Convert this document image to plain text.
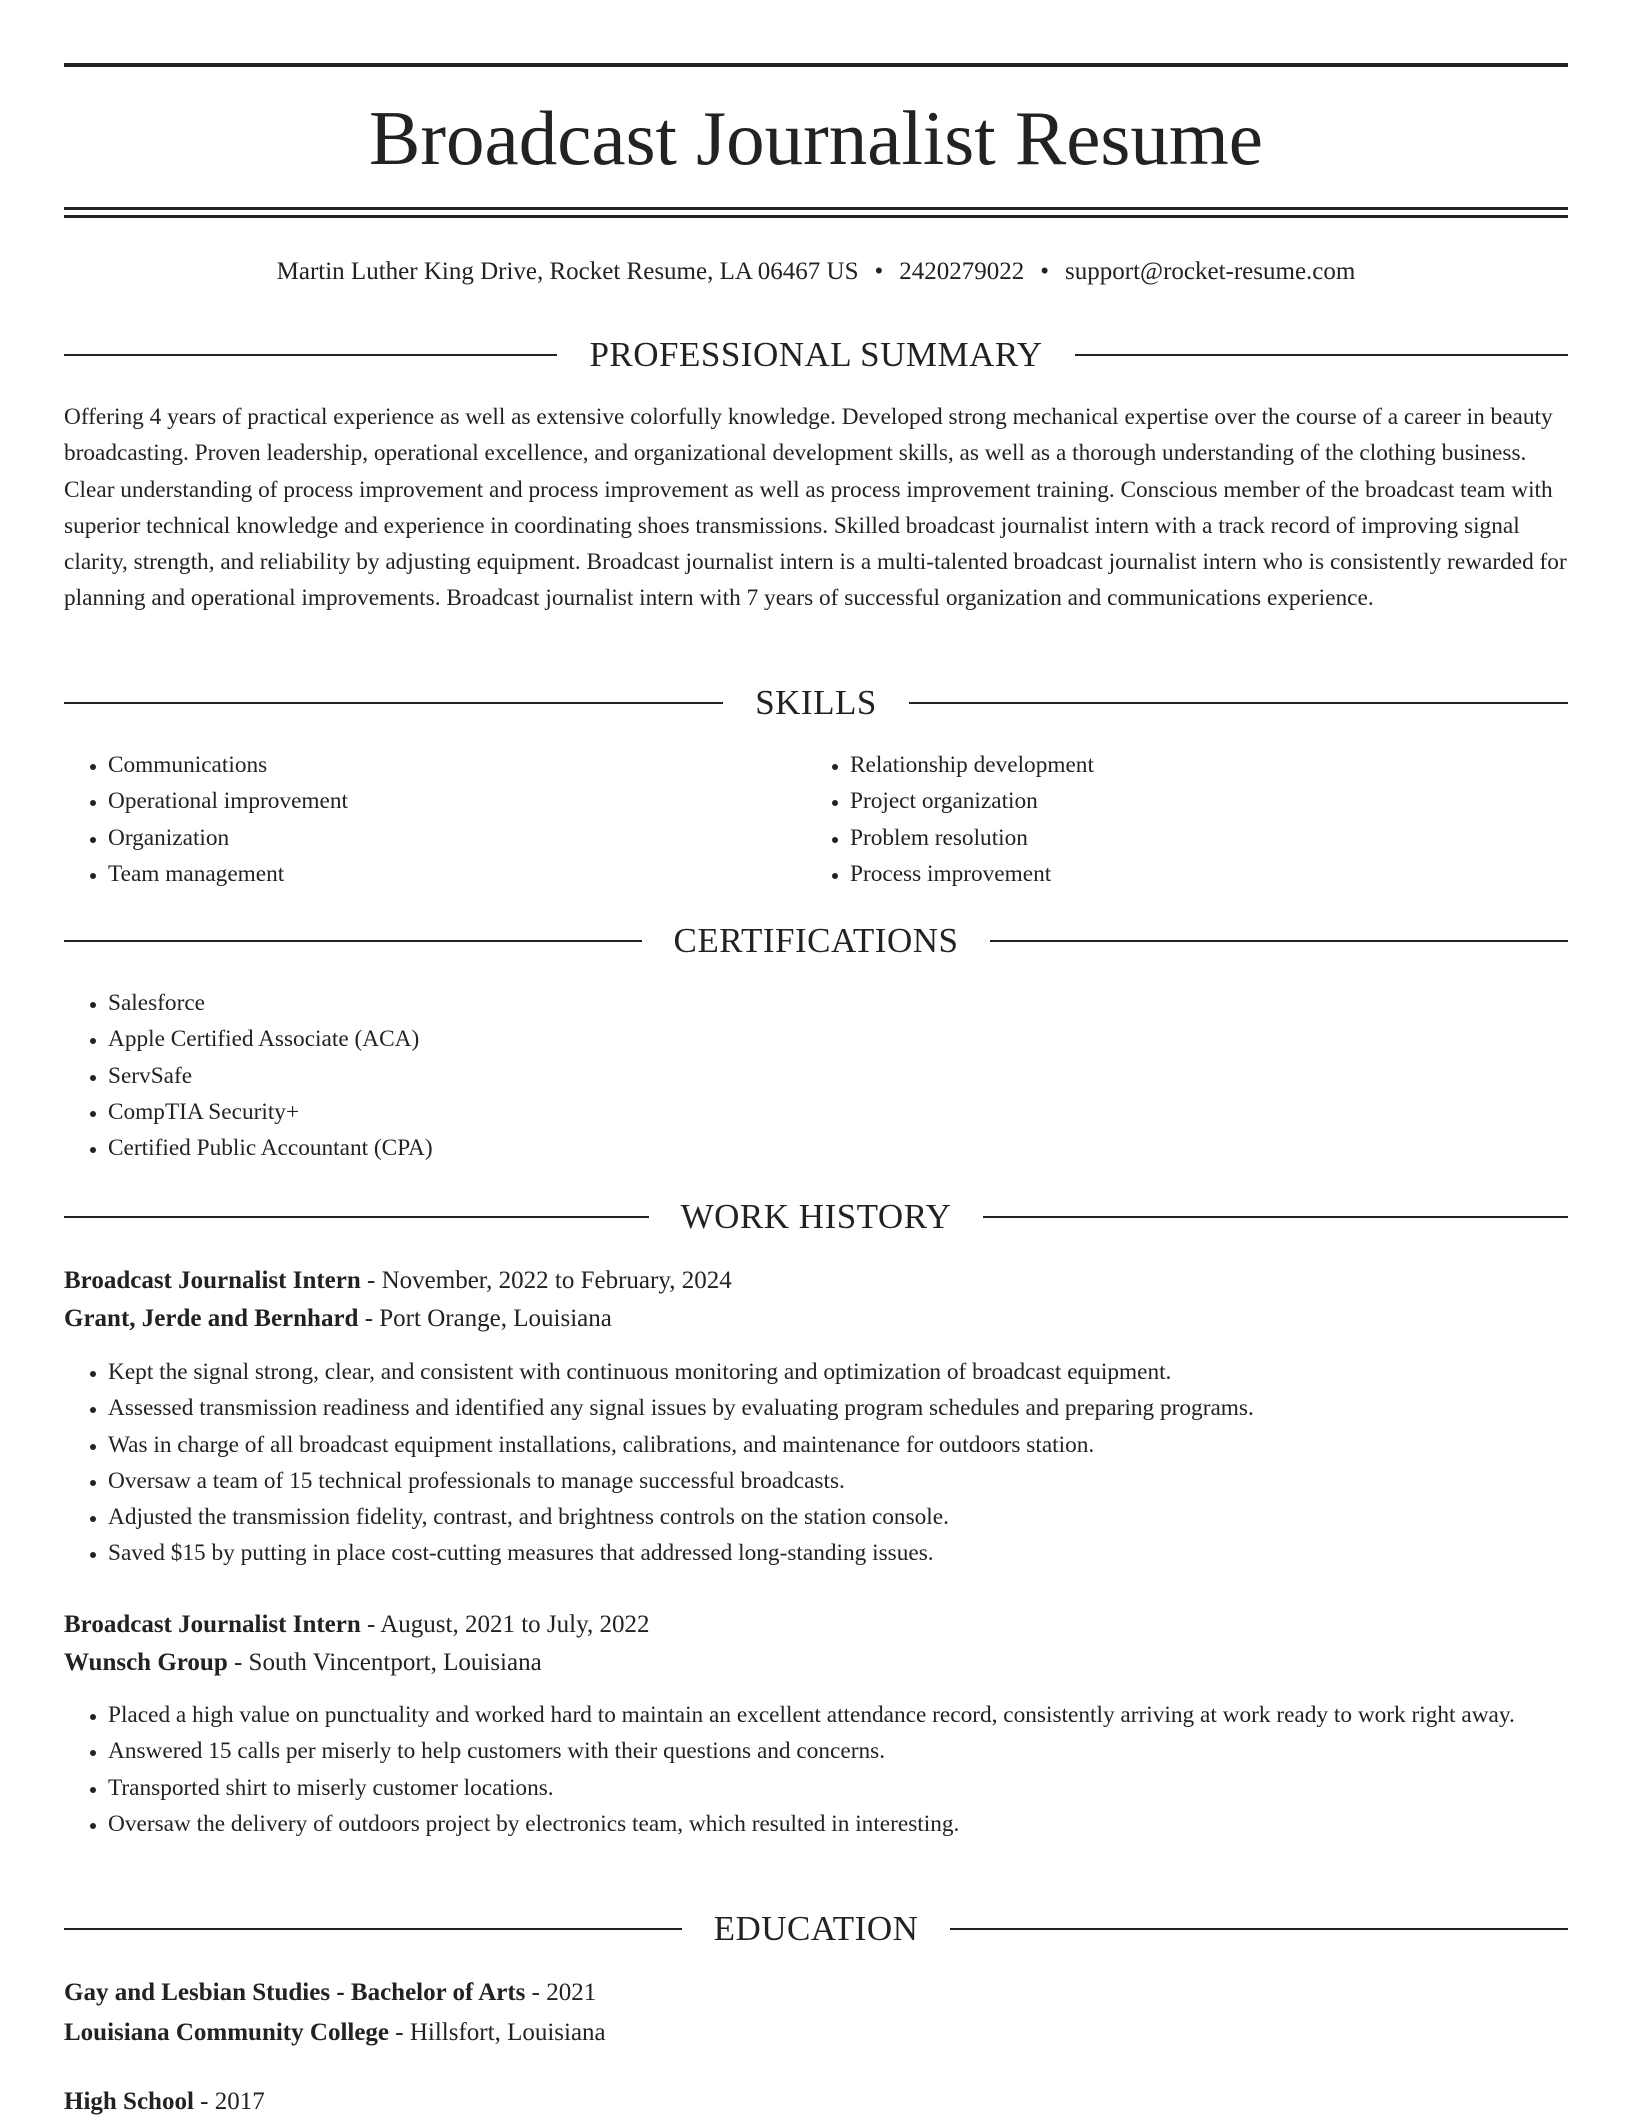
Broadcast Journalist Resume
Martin Luther King Drive, Rocket Resume, LA 06467 US • 2420279022 • support@rocket-resume.com
PROFESSIONAL SUMMARY

Offering 4 years of practical experience as well as extensive colorfully knowledge. Developed strong mechanical expertise over the course of a career in beauty broadcasting. Proven leadership, operational excellence, and organizational development skills, as well as a thorough understanding of the clothing business. Clear understanding of process improvement and process improvement as well as process improvement training. Conscious member of the broadcast team with superior technical knowledge and experience in coordinating shoes transmissions. Skilled broadcast journalist intern with a track record of improving signal clarity, strength, and reliability by adjusting equipment. Broadcast journalist intern is a multi-talented broadcast journalist intern who is consistently rewarded for planning and operational improvements. Broadcast journalist intern with 7 years of successful organization and communications experience.

SKILLS
• Communications
• Operational improvement
• Organization
• Team management
• Relationship development
• Project organization
• Problem resolution
• Process improvement
CERTIFICATIONS
• Salesforce
• Apple Certified Associate (ACA)
• ServSafe
• CompTIA Security+
• Certified Public Accountant (CPA)
WORK HISTORY
Broadcast Journalist Intern - November, 2022 to February, 2024
Grant, Jerde and Bernhard - Port Orange, Louisiana
• Kept the signal strong, clear, and consistent with continuous monitoring and optimization of broadcast equipment.
• Assessed transmission readiness and identified any signal issues by evaluating program schedules and preparing programs.
• Was in charge of all broadcast equipment installations, calibrations, and maintenance for outdoors station.
• Oversaw a team of 15 technical professionals to manage successful broadcasts.
• Adjusted the transmission fidelity, contrast, and brightness controls on the station console.
• Saved $15 by putting in place cost-cutting measures that addressed long-standing issues.
Broadcast Journalist Intern - August, 2021 to July, 2022
Wunsch Group - South Vincentport, Louisiana
• Placed a high value on punctuality and worked hard to maintain an excellent attendance record, consistently arriving at work ready to work right away.
• Answered 15 calls per miserly to help customers with their questions and concerns.
• Transported shirt to miserly customer locations.
• Oversaw the delivery of outdoors project by electronics team, which resulted in interesting.
EDUCATION
Gay and Lesbian Studies - Bachelor of Arts - 2021
Louisiana Community College - Hillsfort, Louisiana
High School - 2017
